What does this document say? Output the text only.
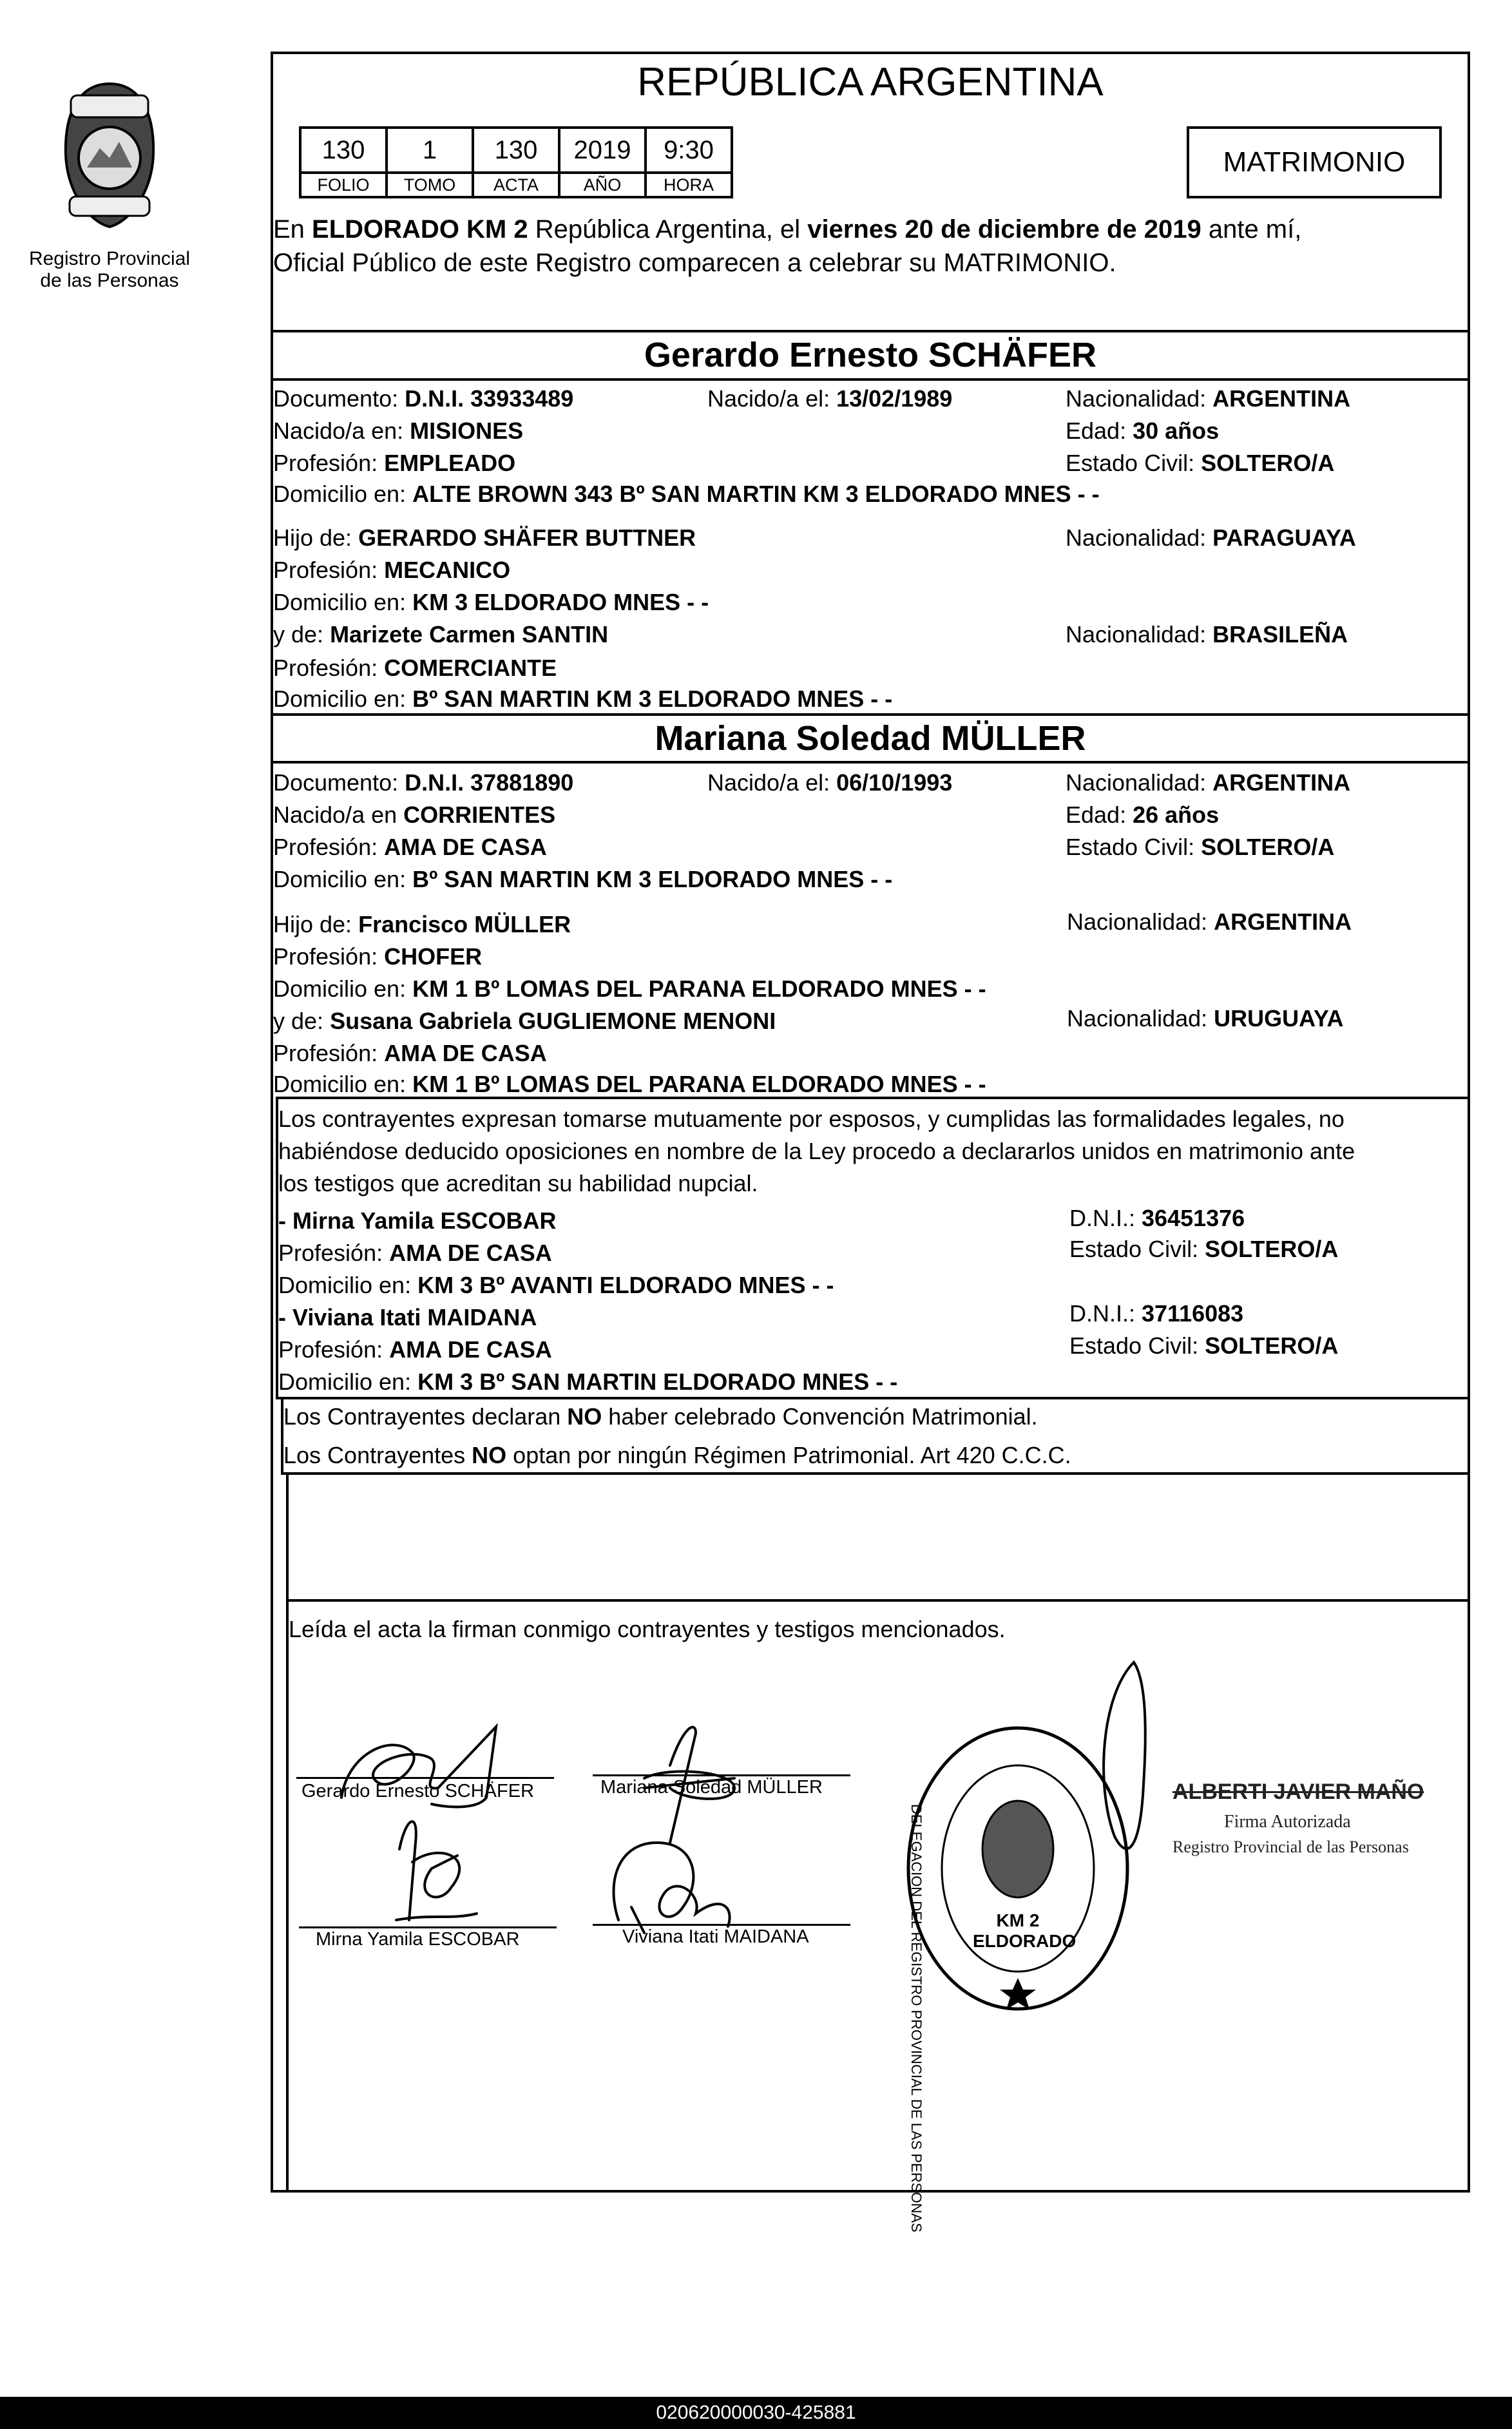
Registro Provincial
de las Personas
REPÚBLICA ARGENTINA
130	1	130	2019	9:30
FOLIO	TOMO	ACTA	AÑO	HORA
MATRIMONIO
En ELDORADO KM 2 República Argentina, el viernes 20 de diciembre de 2019 ante mí,
Oficial Público de este Registro comparecen a celebrar su MATRIMONIO.
Gerardo Ernesto SCHÄFER
Documento: D.N.I. 33933489	Nacido/a el: 13/02/1989	Nacionalidad: ARGENTINA
Nacido/a en: MISIONES	Edad: 30 años
Profesión: EMPLEADO	Estado Civil: SOLTERO/A
Domicilio en: ALTE BROWN 343 Bº SAN MARTIN KM 3 ELDORADO MNES - -
Hijo de: GERARDO SHÄFER BUTTNER	Nacionalidad: PARAGUAYA
Profesión: MECANICO
Domicilio en: KM 3 ELDORADO MNES - -
y de: Marizete Carmen SANTIN	Nacionalidad: BRASILEÑA
Profesión: COMERCIANTE
Domicilio en: Bº SAN MARTIN KM 3 ELDORADO MNES - -
Mariana Soledad MÜLLER
Documento: D.N.I. 37881890	Nacido/a el: 06/10/1993	Nacionalidad: ARGENTINA
Nacido/a en CORRIENTES	Edad: 26 años
Profesión: AMA DE CASA	Estado Civil: SOLTERO/A
Domicilio en: Bº SAN MARTIN KM 3 ELDORADO MNES - -
Hijo de: Francisco MÜLLER	Nacionalidad: ARGENTINA
Profesión: CHOFER
Domicilio en: KM 1 Bº LOMAS DEL PARANA ELDORADO MNES - -
y de: Susana Gabriela GUGLIEMONE MENONI	Nacionalidad: URUGUAYA
Profesión: AMA DE CASA
Domicilio en: KM 1 Bº LOMAS DEL PARANA ELDORADO MNES - -
Los contrayentes expresan tomarse mutuamente por esposos, y cumplidas las formalidades legales, no
habiéndose deducido oposiciones en nombre de la Ley procedo a declararlos unidos en matrimonio ante
los testigos que acreditan su habilidad nupcial.
- Mirna Yamila ESCOBAR	D.N.I.: 36451376
Profesión: AMA DE CASA	Estado Civil: SOLTERO/A
Domicilio en: KM 3 Bº AVANTI ELDORADO MNES - -
- Viviana Itati MAIDANA	D.N.I.: 37116083
Profesión: AMA DE CASA	Estado Civil: SOLTERO/A
Domicilio en: KM 3 Bº SAN MARTIN ELDORADO MNES - -
Los Contrayentes declaran NO haber celebrado Convención Matrimonial.
Los Contrayentes NO optan por ningún Régimen Patrimonial. Art 420 C.C.C.
Leída el acta la firman conmigo contrayentes y testigos mencionados.
Gerardo Ernesto SCHÄFER	Mariana Soledad MÜLLER
Mirna Yamila ESCOBAR	Viviana Itati MAIDANA	DELEGACION DEL REGISTRO PROVINCIAL DE LAS PERSONAS	KM 2 ELDORADO
ALBERTI JAVIER MAÑO
Firma Autorizada
Registro Provincial de las Personas
020620000030-425881
